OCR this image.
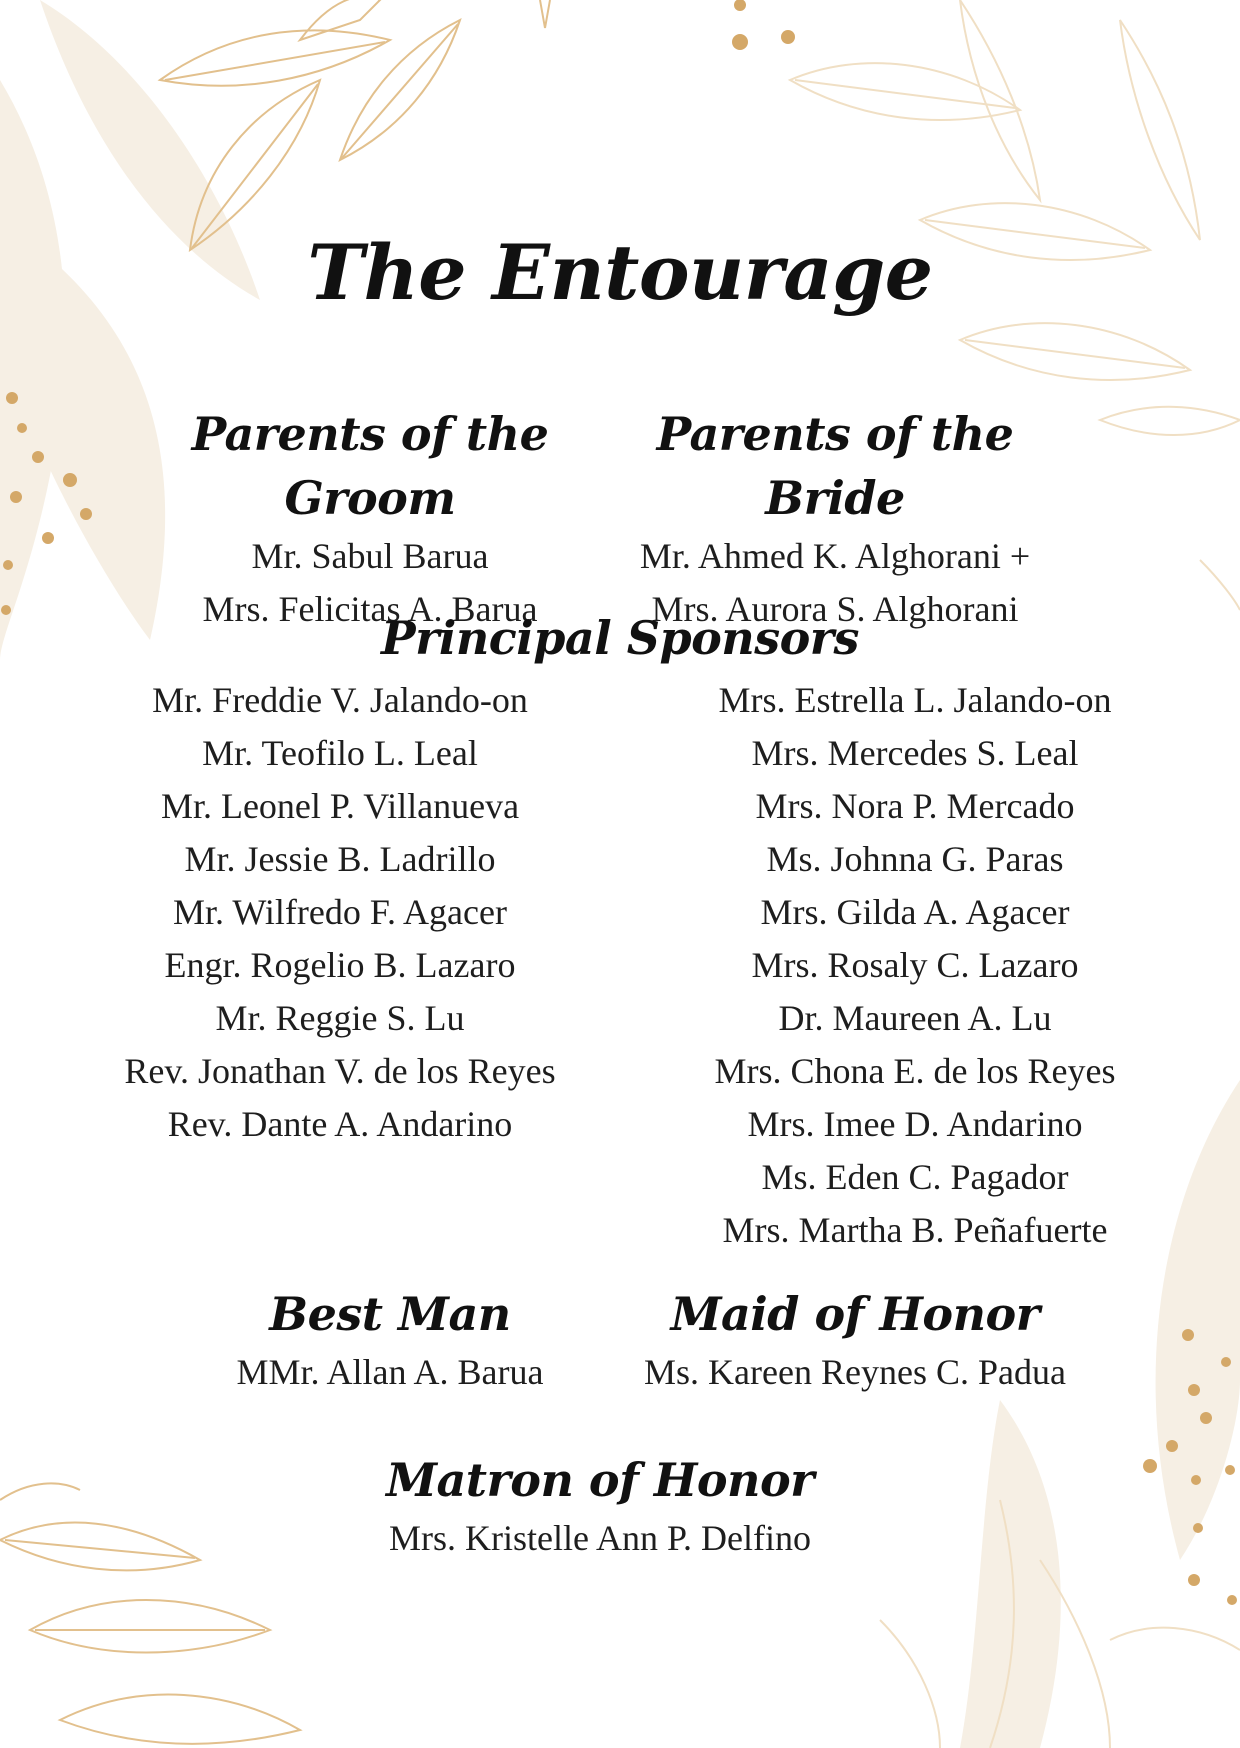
The Entourage
Parents of the Groom

Mr. Sabul Barua

Mrs. Felicitas A. Barua

Parents of the Bride

Mr. Ahmed K. Alghorani +

Mrs. Aurora S. Alghorani

Principal Sponsors

Mr. Freddie V. Jalando-on

Mr. Teofilo L. Leal

Mr. Leonel P. Villanueva

Mr. Jessie B. Ladrillo

Mr. Wilfredo F. Agacer

Engr. Rogelio B. Lazaro

Mr. Reggie S. Lu

Rev. Jonathan V. de los Reyes

Rev. Dante A. Andarino

Mrs. Estrella L. Jalando-on

Mrs. Mercedes S. Leal

Mrs. Nora P. Mercado

Ms. Johnna G. Paras

Mrs. Gilda A. Agacer

Mrs. Rosaly C. Lazaro

Dr. Maureen A. Lu

Mrs. Chona E. de los Reyes

Mrs. Imee D. Andarino

Ms. Eden C. Pagador

Mrs. Martha B. Peñafuerte

Best Man

MMr. Allan A. Barua

Maid of Honor

Ms. Kareen Reynes C. Padua

Matron of Honor

Mrs. Kristelle Ann P. Delfino
